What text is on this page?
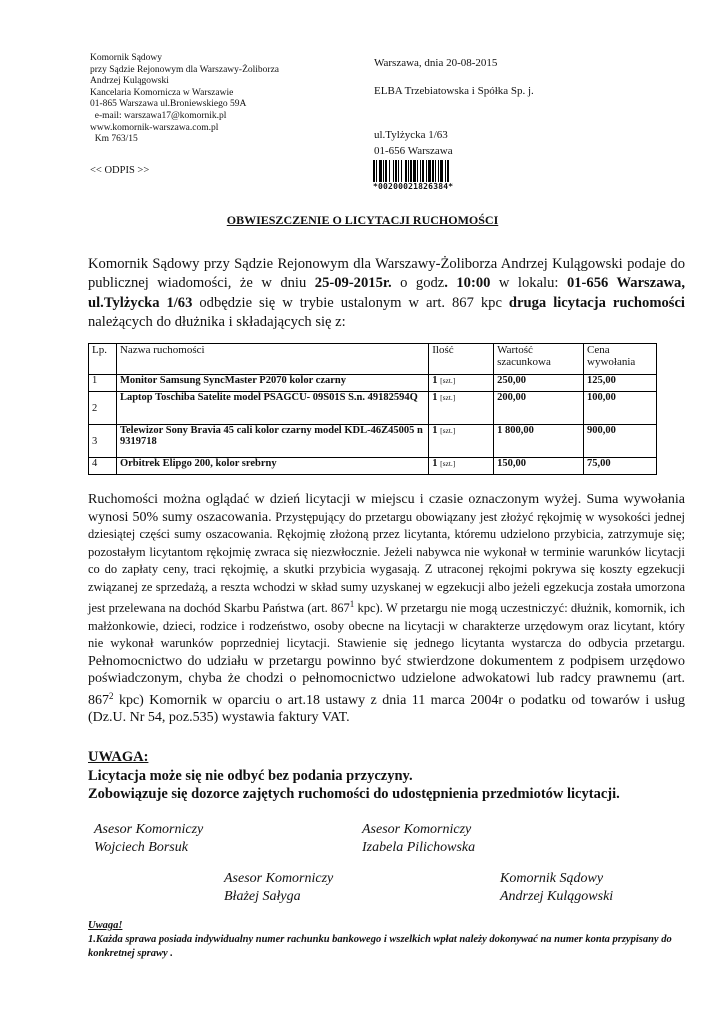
Komornik Sądowy
przy Sądzie Rejonowym dla Warszawy-Żoliborza
Andrzej Kulągowski
Kancelaria Komornicza w Warszawie
01-865 Warszawa ul.Broniewskiego 59A
e-mail: warszawa17@komornik.pl
www.komornik-warszawa.com.pl
Km 763/15
<< ODPIS >>
Warszawa, dnia 20-08-2015
ELBA Trzebiatowska i Spółka Sp. j.
ul.Tylżycka 1/63
01-656 Warszawa
*00200021826384*
OBWIESZCZENIE O LICYTACJI RUCHOMOŚCI
Komornik Sądowy przy Sądzie Rejonowym dla Warszawy-Żoliborza Andrzej Kulągowski podaje do publicznej wiadomości, że w dniu 25-09-2015r. o godz. 10:00 w lokalu: 01-656 Warszawa, ul.Tylżycka 1/63 odbędzie się w trybie ustalonym w art. 867 kpc druga licytacja ruchomości należących do dłużnika i składających się z:
Lp.	Nazwa ruchomości	Ilość	Wartość szacunkowa	Cena wywołania
1	Monitor Samsung SyncMaster P2070 kolor czarny	1 [szt.]	250,00	125,00
2	Laptop Toschiba Satelite model PSAGCU- 09S01S S.n. 49182594Q	1 [szt.]	200,00	100,00
3	Telewizor Sony Bravia 45 cali kolor czarny model KDL-46Z45005 n 9319718	1 [szt.]	1 800,00	900,00
4	Orbitrek Elipgo 200, kolor srebrny	1 [szt.]	150,00	75,00
Ruchomości można oglądać w dzień licytacji w miejscu i czasie oznaczonym wyżej. Suma wywołania wynosi 50% sumy oszacowania. Przystępujący do przetargu obowiązany jest złożyć rękojmię w wysokości jednej dziesiątej części sumy oszacowania. Rękojmię złożoną przez licytanta, któremu udzielono przybicia, zatrzymuje się; pozostałym licytantom rękojmię zwraca się niezwłocznie. Jeżeli nabywca nie wykonał w terminie warunków licytacji co do zapłaty ceny, traci rękojmię, a skutki przybicia wygasają. Z utraconej rękojmi pokrywa się koszty egzekucji związanej ze sprzedażą, a reszta wchodzi w skład sumy uzyskanej w egzekucji albo jeżeli egzekucja została umorzona jest przelewana na dochód Skarbu Państwa (art. $867^1$ kpc). W przetargu nie mogą uczestniczyć: dłużnik, komornik, ich małżonkowie, dzieci, rodzice i rodzeństwo, osoby obecne na licytacji w charakterze urzędowym oraz licytant, który nie wykonał warunków poprzedniej licytacji. Stawienie się jednego licytanta wystarcza do odbycia przetargu. Pełnomocnictwo do udziału w przetargu powinno być stwierdzone dokumentem z podpisem urzędowo poświadczonym, chyba że chodzi o pełnomocnictwo udzielone adwokatowi lub radcy prawnemu (art. $867^2$ kpc) Komornik w oparciu o art.18 ustawy z dnia 11 marca 2004r o podatku od towarów i usług (Dz.U. Nr 54, poz.535) wystawia faktury VAT.
UWAGA:
Licytacja może się nie odbyć bez podania przyczyny.
Zobowiązuje się dozorce zajętych ruchomości do udostępnienia przedmiotów licytacji.
Asesor Komorniczy
Wojciech Borsuk
Asesor Komorniczy
Izabela Pilichowska
Asesor Komorniczy
Błażej Sałyga
Komornik Sądowy
Andrzej Kulągowski
Uwaga!
1.Każda sprawa posiada indywidualny numer rachunku bankowego i wszelkich wpłat należy dokonywać na numer konta przypisany do konkretnej sprawy .
